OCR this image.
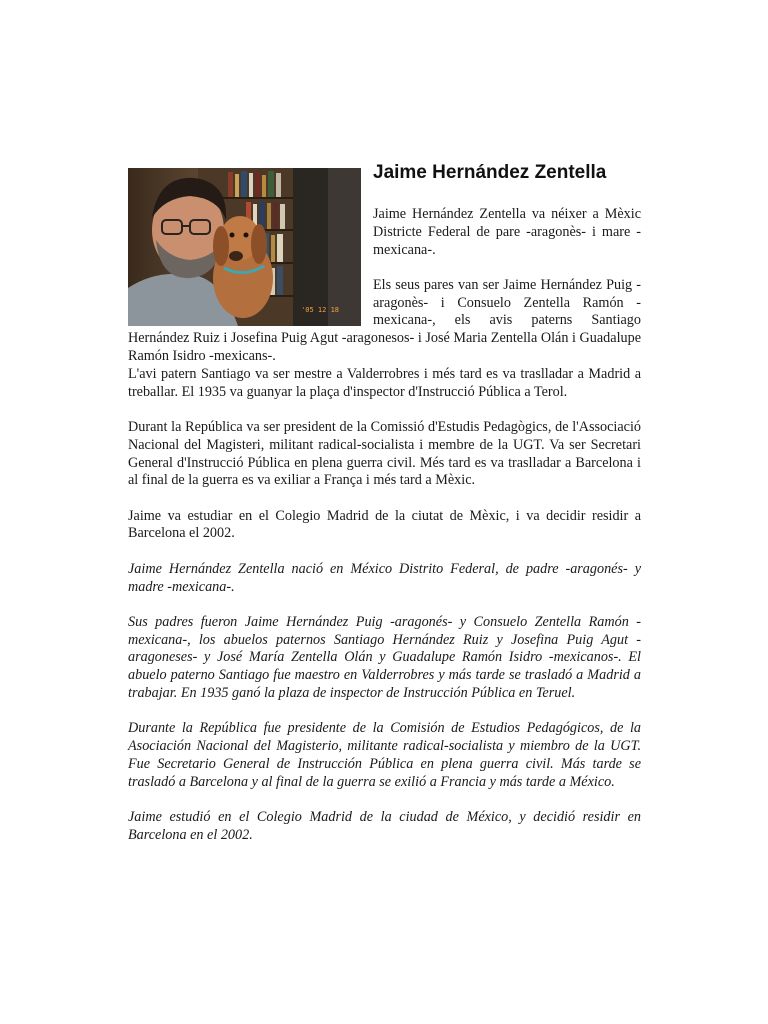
'05 12 18
Jaime Hernández Zentella

Jaime Hernández Zentella va néixer a Mèxic Districte Federal de pare -aragonès- i mare -mexicana-.

Els seus pares van ser Jaime Hernández Puig -aragonès- i Consuelo Zentella Ramón -mexicana-, els avis paterns Santiago Hernández Ruiz i Josefina Puig Agut -aragonesos- i José Maria Zentella Olán i Guadalupe Ramón Isidro -mexicans-.

L'avi patern Santiago va ser mestre a Valderrobres i més tard es va traslladar a Madrid a treballar. El 1935 va guanyar la plaça d'inspector d'Instrucció Pública a Terol.

Durant la República va ser president de la Comissió d'Estudis Pedagògics, de l'Associació Nacional del Magisteri, militant radical-socialista i membre de la UGT. Va ser Secretari General d'Instrucció Pública en plena guerra civil. Més tard es va traslladar a Barcelona i al final de la guerra es va exiliar a França i més tard a Mèxic.

Jaime va estudiar en el Colegio Madrid de la ciutat de Mèxic, i va decidir residir a Barcelona el 2002.

Jaime Hernández Zentella nació en México Distrito Federal, de padre -aragonés- y madre -mexicana-.

Sus padres fueron Jaime Hernández Puig -aragonés- y Consuelo Zentella Ramón -mexicana-, los abuelos paternos Santiago Hernández Ruiz y Josefina Puig Agut -aragoneses- y José María Zentella Olán y Guadalupe Ramón Isidro -mexicanos-. El abuelo paterno Santiago fue maestro en Valderrobres y más tarde se trasladó a Madrid a trabajar. En 1935 ganó la plaza de inspector de Instrucción Pública en Teruel.

Durante la República fue presidente de la Comisión de Estudios Pedagógicos, de la Asociación Nacional del Magisterio, militante radical-socialista y miembro de la UGT. Fue Secretario General de Instrucción Pública en plena guerra civil. Más tarde se trasladó a Barcelona y al final de la guerra se exilió a Francia y más tarde a México.

Jaime estudió en el Colegio Madrid de la ciudad de México, y decidió residir en Barcelona en el 2002.
